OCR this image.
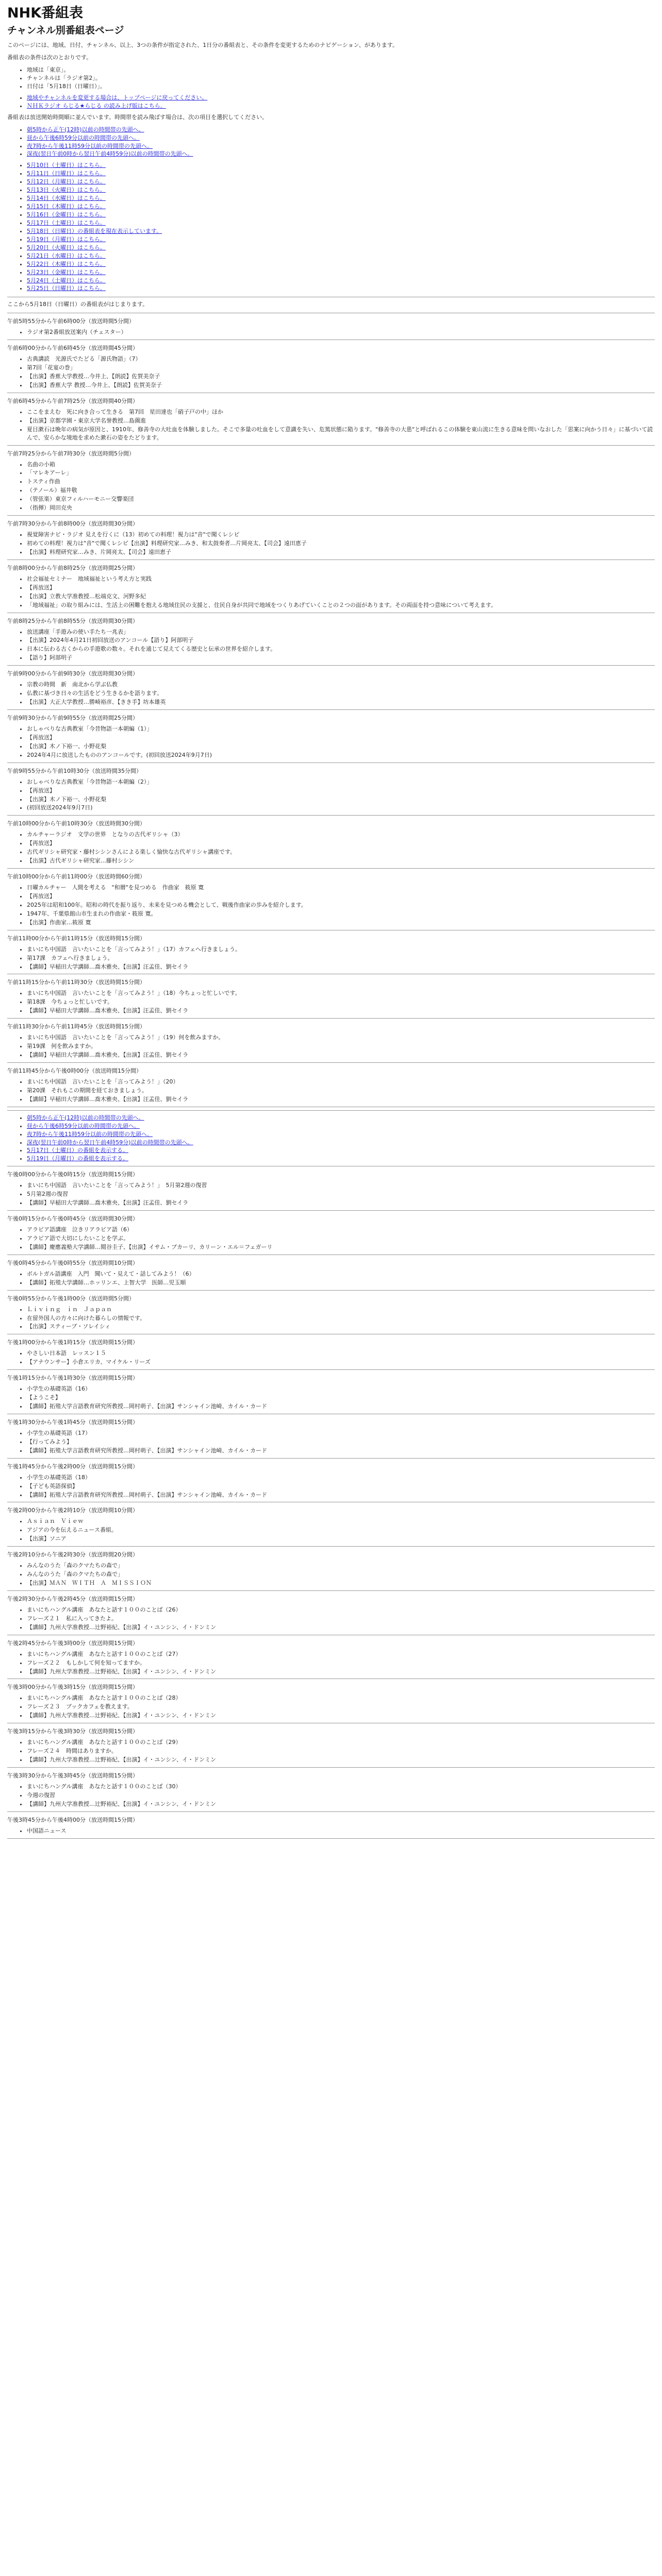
NHK番組表
チャンネル別番組表ページ

このページには、地域、日付、チャンネル、以上、3つの条件が指定された、1日分の番組表と、その条件を変更するためのナビゲーション、があります。

番組表の条件は次のとおりです。

• 地域は「東京」。
• チャンネルは「ラジオ第2」。
• 日付は「5月18日（日曜日）」。
• 地域やチャンネルを変更する場合は、トップページに戻ってください。
• ＮＨＫラジオ らじる★らじる の読み上げ版はこちら。

番組表は放送開始時間順に並んでいます。時間帯を読み飛ばす場合は、次の項目を選択してください。

• 朝5時から正午(12時)以前の時間帯の先頭へ。
• 昼から午後6時59分以前の時間帯の先頭へ。
• 夜7時から午後11時59分以前の時間帯の先頭へ。
• 深夜(翌日午前0時から翌日午前4時59分)以前の時間帯の先頭へ。
• 5月10日（土曜日）はこちら。
• 5月11日（日曜日）はこちら。
• 5月12日（月曜日）はこちら。
• 5月13日（火曜日）はこちら。
• 5月14日（水曜日）はこちら。
• 5月15日（木曜日）はこちら。
• 5月16日（金曜日）はこちら。
• 5月17日（土曜日）はこちら。
• 5月18日（日曜日）の番組表を現在表示しています。
• 5月19日（月曜日）はこちら。
• 5月20日（火曜日）はこちら。
• 5月21日（水曜日）はこちら。
• 5月22日（木曜日）はこちら。
• 5月23日（金曜日）はこちら。
• 5月24日（土曜日）はこちら。
• 5月25日（日曜日）はこちら。

ここから5月18日（日曜日）の番組表がはじまります。

午前5時55分から午前6時00分（放送時間5分間）

• ラジオ第2番組放送案内（チェスター）

午前6時00分から午前6時45分（放送時間45分間）

• 古典講読　光源氏でたどる「源氏物語」（7）
• 第7回「花宴の巻」
• 【出演】香蕉大学教授…今井上、【朗読】佐賀美奈子
• 【出演】香蕉大学 教授…今井上、【朗読】佐賀美奈子

午前6時45分から午前7時25分（放送時間40分間）

• ここをまえむ　死に向き合って生きる　第7回　星田達也「硝子戸の中」ほか
• 【出演】京都学園・東京大学名誉教授…島薗進
• 夏目漱石は晩年の病気が原因と、1910年、修善寺の大吐血を体験しました。そこで多量の吐血をして意識を失い、危篤状態に陥ります。"修善寺の大患"と呼ばれるこの体験を東山流に生きる意味を問いなおした「思案に向かう日々」に基づいて読んで、安らかな境地を求めた漱石の姿をたどります。

午前7時25分から午前7時30分（放送時間5分間）

• 名曲の小箱
• 「マレキアーレ」
• トスティ作曲
• （テノール）福井敬
• （管弦楽）東京フィルハーモニー交響楽団
• （指揮）岡田克央

午前7時30分から午前8時00分（放送時間30分間）

• 視覚障害ナビ・ラジオ 見えを行くに（13）初めての料理！視力は"音"で聞くレシピ
• 初めての料理！視力は"音"で聞くレシピ【出演】料理研究家…みき、和太鼓奏者…片岡亮太、【司会】遠田恵子
• 【出演】料理研究家…みき、片岡亮太、【司会】遠田恵子

午前8時00分から午前8時25分（放送時間25分間）

• 社会福祉セミナー　地域福祉という考え方と実践
• 【再放送】
• 【出演】立教大学准教授…松端克文、河野多紀
• 「地域福祉」の取り組みには、生活上の困難を抱える地域住民の支援と、住民自身が共同で地域をつくりあげていくことの２つの面があります。その両面を持つ意味について考えます。

午前8時25分から午前8時55分（放送時間30分間）

• 放送講座「手遊みの使い手たち一兆表」
• 【出演】2024年4月21日初回放送のアンコール【語り】阿部明子
• 日本に伝わる古くからの手遊歌の数々。それを通じて見えてくる歴史と伝承の世界を紹介します。
• 【語り】阿部明子

午前9時00分から午前9時30分（放送時間30分間）

• 宗教の時間　新　南北から学ぶ仏教
• 仏教に基づき日々の生活をどう生きるかを語ります。
• 【出演】大正大学教授…勝崎裕彦、【きき手】坊本雄英

午前9時30分から午前9時55分（放送時間25分間）

• おしゃべりな古典教室「今昔物語一本朝編（1）」
• 【再放送】
• 【出演】木ノ下裕一、小野花梨
• 2024年4月に放送したもののアンコールです。(初回放送2024年9月7日)

午前9時55分から午前10時30分（放送時間35分間）

• おしゃべりな古典教室「今昔物語一本朝編（2）」
• 【再放送】
• 【出演】木ノ下裕一、小野花梨
• (初回放送2024年9月7日)

午前10時00分から午前10時30分（放送時間30分間）

• カルチャーラジオ　文学の世界　となりの古代ギリシャ（3）
• 【再放送】
• 古代ギリシャ研究家・藤村シシンさんによる楽しく愉快な古代ギリシャ講座です。
• 【出演】古代ギリシャ研究家…藤村シシン

午前10時00分から午前11時00分（放送時間60分間）

• 日曜カルチャー　人間を考える　"和暦"を見つめる　作曲家　筱原 寛
• 【再放送】
• 2025年は昭和100年。昭和の時代を振り返り、未来を見つめる機会として、戦後作曲家の歩みを紹介します。
• 1947年、千葉県館山市生まれの作曲家・筱原 寛。
• 【出演】作曲家…筱原 寛

午前11時00分から午前11時15分（放送時間15分間）

• まいにち中国語　言いたいことを「言ってみよう！」（17）カフェへ行きましょう。
• 第17課　カフェへ行きましょう。
• 【講師】早稲田大学講師…喬木雅央、【出演】汪孟佳、劉セイラ

午前11時15分から午前11時30分（放送時間15分間）

• まいにち中国語　言いたいことを「言ってみよう！」（18）今ちょっと忙しいです。
• 第18課　今ちょっと忙しいです。
• 【講師】早稲田大学講師…喬木雅央、【出演】汪孟佳、劉セイラ

午前11時30分から午前11時45分（放送時間15分間）

• まいにち中国語　言いたいことを「言ってみよう！」（19）何を飲みますか。
• 第19課　何を飲みますか。
• 【講師】早稲田大学講師…喬木雅央、【出演】汪孟佳、劉セイラ

午前11時45分から午後0時00分（放送時間15分間）

• まいにち中国語　言いたいことを「言ってみよう！」（20）
• 第20課　それもこの期間を経ておきましょう。
• 【講師】早稲田大学講師…喬木雅央、【出演】汪孟佳、劉セイラ
• 朝5時から正午(12時)以前の時間帯の先頭へ。
• 昼から午後6時59分以前の時間帯の先頭へ。
• 夜7時から午後11時59分以前の時間帯の先頭へ。
• 深夜(翌日午前0時から翌日午前4時59分)以前の時間帯の先頭へ。
• 5月17日（土曜日）の番組を表示する。
• 5月19日（月曜日）の番組を表示する。

午後0時00分から午後0時15分（放送時間15分間）

• まいにち中国語　言いたいことを「言ってみよう！」　5月第2週の復習
• 5月第2週の復習
• 【講師】早稲田大学講師…喬木雅央、【出演】汪孟佳、劉セイラ

午後0時15分から午後0時45分（放送時間30分間）

• アラビア語講座　泣きリアラビア語（6）
• アラビア語で大切にしたいことを学ぶ。
• 【講師】慶應義塾大学講師…閲谷圭子、【出演】イサム・ブカーリ、カリーン・エル＝フェガーリ

午後0時45分から午後0時55分（放送時間10分間）

• ボルトガル語講座　入門　聞いて・見えて・話してみよう！（6）
• 【講師】拓殖大学講師…ホッリンエ、上智大学　医師…児玉順

午後0時55分から午後1時00分（放送時間5分間）

• Ｌｉｖｉｎｇ　ｉｎ　Ｊａｐａｎ
• 在留外国人の方々に向けた暮らしの情報です。
• 【出演】スティーブ・ソレイシィ

午後1時00分から午後1時15分（放送時間15分間）

• やさしい日本語　レッスン１５
• 【アナウンサー】小倉エリカ、マイケル・リーズ

午後1時15分から午後1時30分（放送時間15分間）

• 小学生の基礎英語（16）
• 【ようこそ】
• 【講師】拓殖大学言語教育研究所教授…岡村萌子、【出演】サンシャイン池崎、カイル・カード

午後1時30分から午後1時45分（放送時間15分間）

• 小学生の基礎英語（17）
• 【行ってみよう】
• 【講師】拓殖大学言語教育研究所教授…岡村萌子、【出演】サンシャイン池崎、カイル・カード

午後1時45分から午後2時00分（放送時間15分間）

• 小学生の基礎英語（18）
• 【子ども英語探偵】
• 【講師】拓殖大学言語教育研究所教授…岡村萌子、【出演】サンシャイン池崎、カイル・カード

午後2時00分から午後2時10分（放送時間10分間）

• Ａｓｉａｎ　Ｖｉｅｗ
• アジアの今を伝えるニュース番組。
• 【出演】ソニア

午後2時10分から午後2時30分（放送時間20分間）

• みんなのうた「森のクマたちの森で」
• みんなのうた「森のクマたちの森で」
• 【出演】ＭＡＮ　ＷＩＴＨ　Ａ　ＭＩＳＳＩＯＮ

午後2時30分から午後2時45分（放送時間15分間）

• まいにちハングル講座　あなたと話す１００のことば（26）
• フレーズ２１　私に入ってきたよ。
• 【講師】九州大学准教授…辻野裕紀、【出演】イ・ユンシン、イ・ドンミン

午後2時45分から午後3時00分（放送時間15分間）

• まいにちハングル講座　あなたと話す１００のことば（27）
• フレーズ２２　もしかして何を知ってますか。
• 【講師】九州大学准教授…辻野裕紀、【出演】イ・ユンシン、イ・ドンミン

午後3時00分から午後3時15分（放送時間15分間）

• まいにちハングル講座　あなたと話す１００のことば（28）
• フレーズ２３　ブックカフェを教えます。
• 【講師】九州大学准教授…辻野裕紀、【出演】イ・ユンシン、イ・ドンミン

午後3時15分から午後3時30分（放送時間15分間）

• まいにちハングル講座　あなたと話す１００のことば（29）
• フレーズ２４　時間はありますか。
• 【講師】九州大学准教授…辻野裕紀、【出演】イ・ユンシン、イ・ドンミン

午後3時30分から午後3時45分（放送時間15分間）

• まいにちハングル講座　あなたと話す１００のことば（30）
• 今週の復習
• 【講師】九州大学准教授…辻野裕紀、【出演】イ・ユンシン、イ・ドンミン

午後3時45分から午後4時00分（放送時間15分間）

• 中国語ニュース
